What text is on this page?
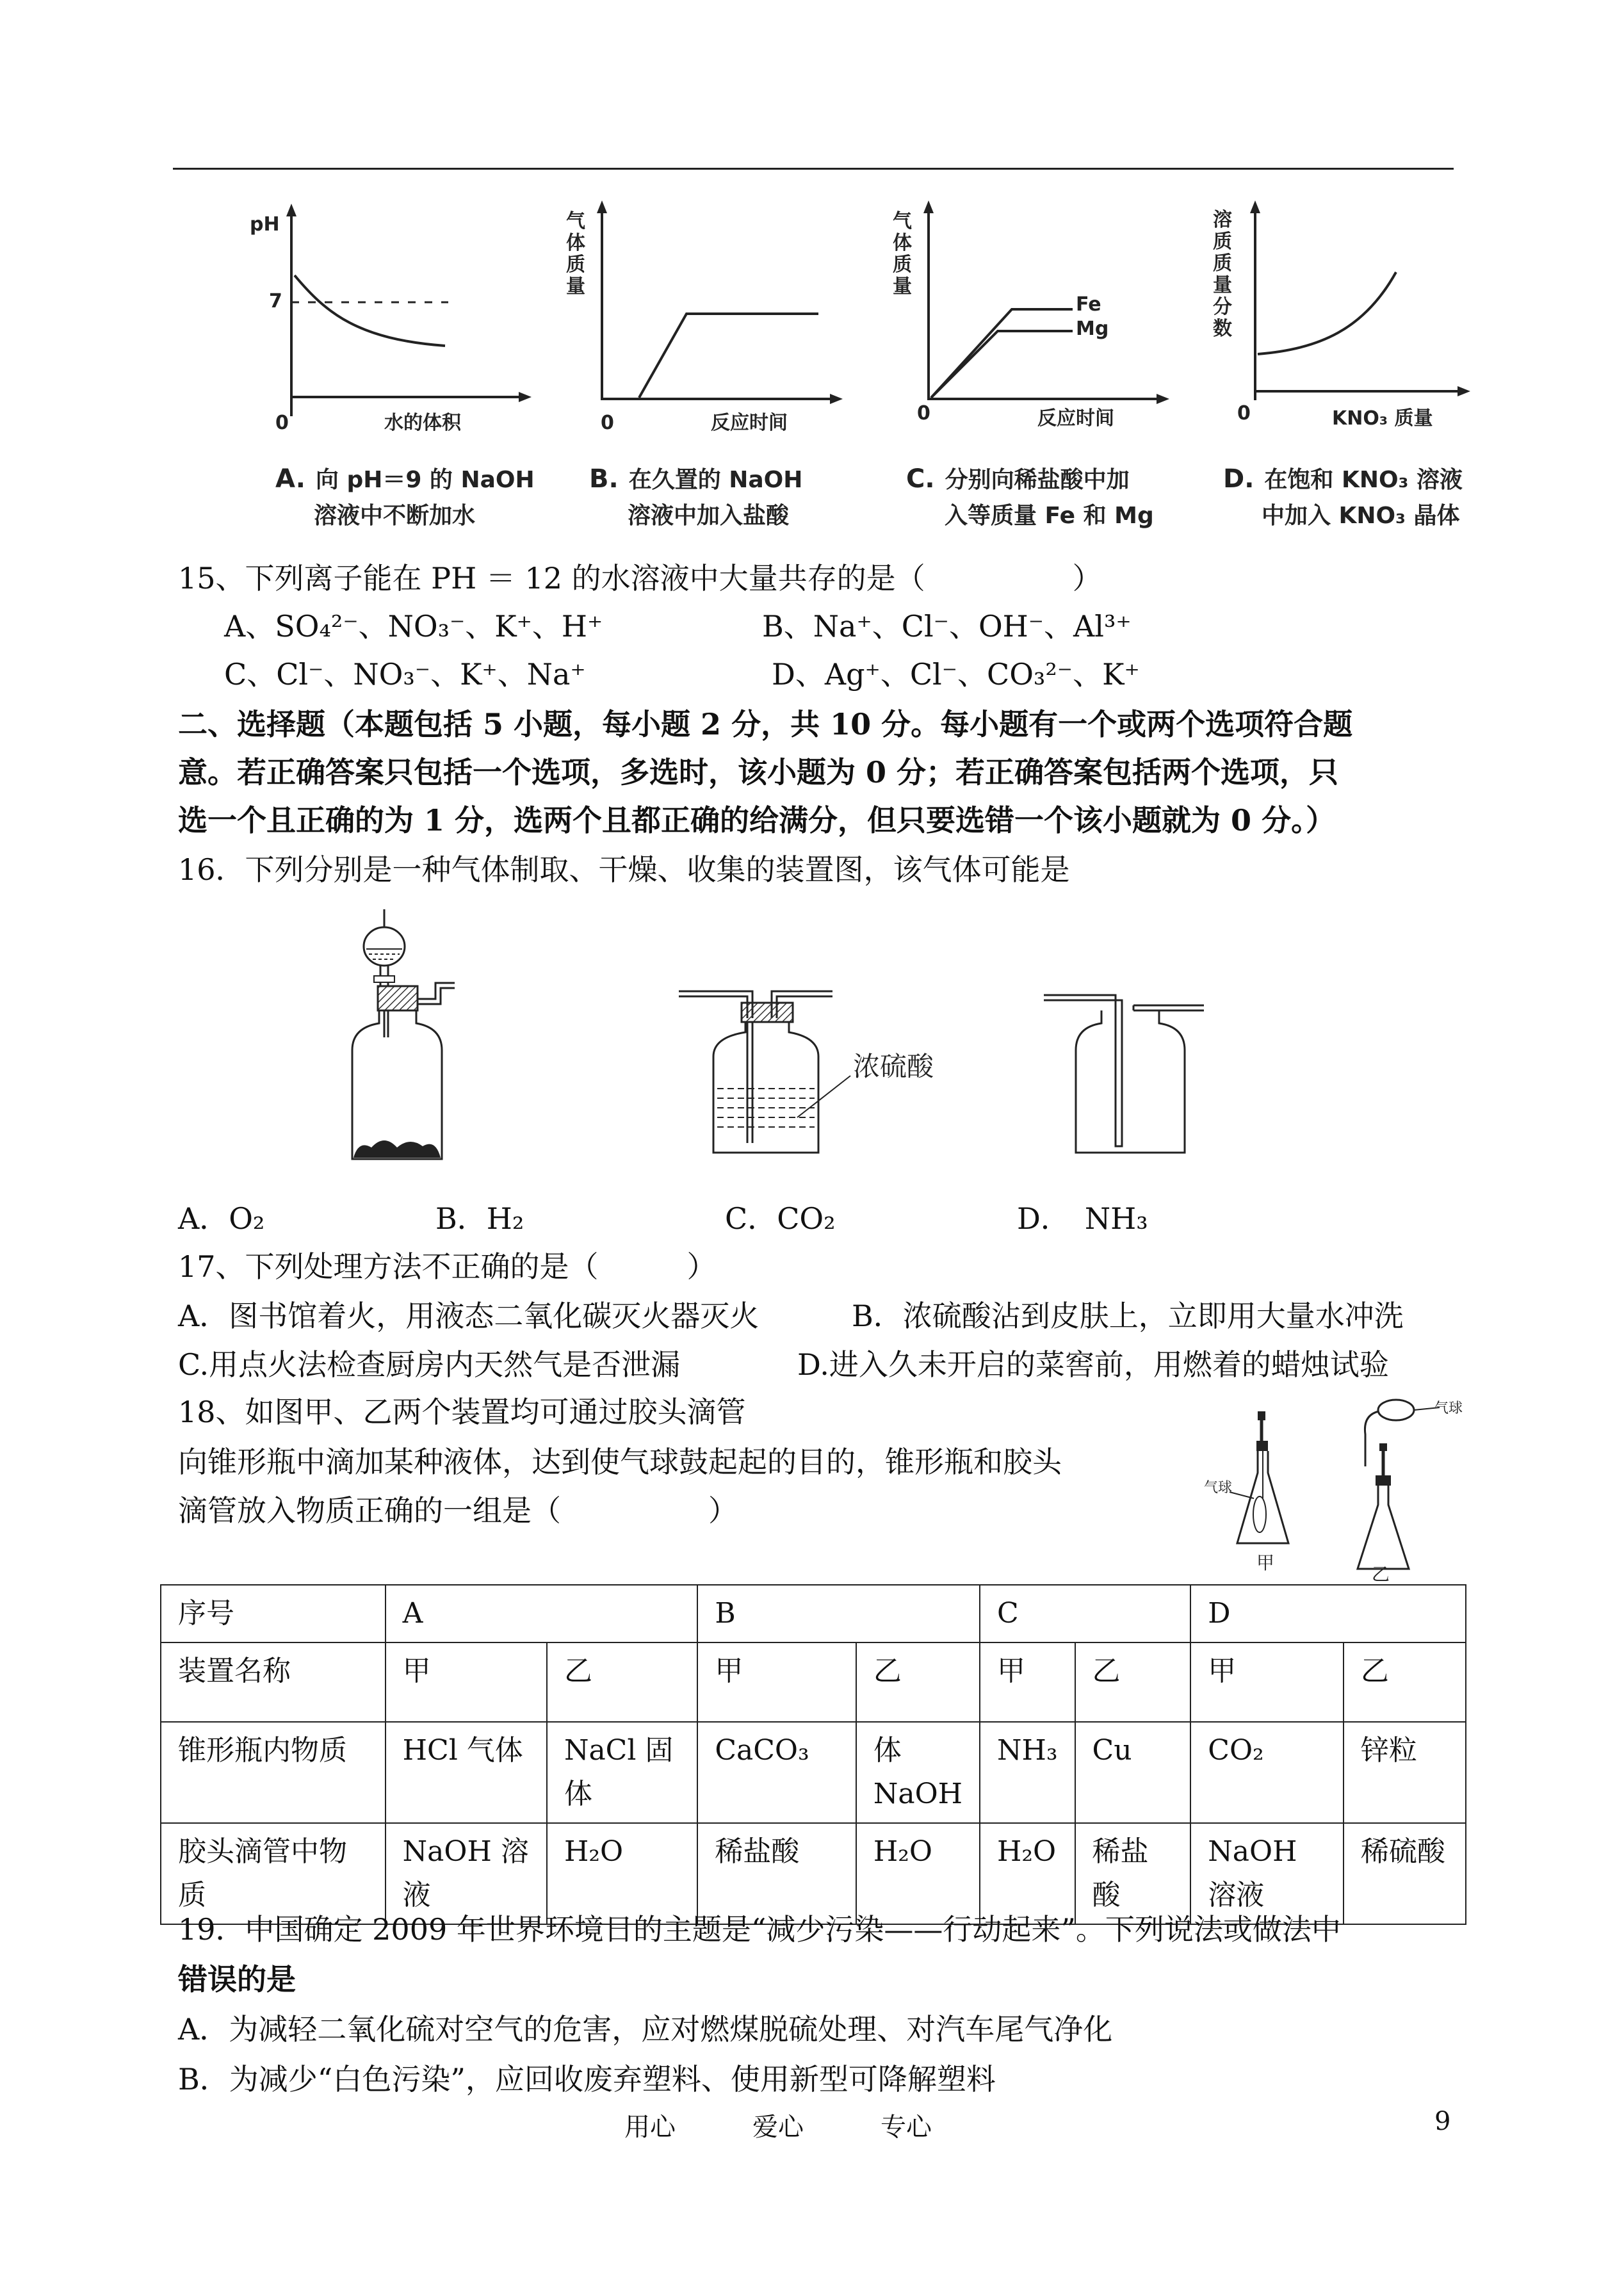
pH
7
0	水的体积
A. 向 pH＝9 的 NaOH
溶液中不断加水
气体质量
0	反应时间
B. 在久置的 NaOH
溶液中加入盐酸
气体质量
0	反应时间
Fe
Mg
C. 分别向稀盐酸中加
入等质量 Fe 和 Mg
溶质质量分数
0	KNO₃ 质量
D. 在饱和 KNO₃ 溶液
中加入 KNO₃ 晶体
15、下列离子能在 PH ＝ 12 的水溶液中大量共存的是（　　　　　）
A、SO₄²⁻、NO₃⁻、K⁺、H⁺	B、Na⁺、Cl⁻、OH⁻、Al³⁺
C、Cl⁻、NO₃⁻、K⁺、Na⁺	D、Ag⁺、Cl⁻、CO₃²⁻、K⁺
二、选择题（本题包括 5 小题，每小题 2 分，共 10 分。每小题有一个或两个选项符合题
意。若正确答案只包括一个选项，多选时，该小题为 0 分；若正确答案包括两个选项，只
选一个且正确的为 1 分，选两个且都正确的给满分，但只要选错一个该小题就为 0 分。）
16．下列分别是一种气体制取、干燥、收集的装置图，该气体可能是
浓硫酸
A．O₂	B．H₂	C．CO₂	D．　NH₃
17、下列处理方法不正确的是（　　　）
A．图书馆着火，用液态二氧化碳灭火器灭火	B．浓硫酸沾到皮肤上，立即用大量水冲洗
C.用点火法检查厨房内天然气是否泄漏	D.进入久未开启的菜窖前，用燃着的蜡烛试验
18、如图甲、乙两个装置均可通过胶头滴管
向锥形瓶中滴加某种液体，达到使气球鼓起起的目的，锥形瓶和胶头
滴管放入物质正确的一组是（　　　　　）
气球
甲
气球
乙
序号	A		B		C		D	
装置名称	甲	乙	甲	乙	甲	乙	甲	乙
锥形瓶内物质	HCl 气体	NaCl 固体	CaCO₃	体 NaOH	NH₃	Cu	CO₂	锌粒
胶头滴管中物质	NaOH 溶液	H₂O	稀盐酸	H₂O	H₂O	稀盐酸	NaOH 溶液	稀硫酸
19．中国确定 2009 年世界环境日的主题是“减少污染——行动起来”。下列说法或做法中
错误的是
A．为减轻二氧化硫对空气的危害，应对燃煤脱硫处理、对汽车尾气净化
B．为减少“白色污染”，应回收废弃塑料、使用新型可降解塑料
用心　　　爱心　　　专心	9
